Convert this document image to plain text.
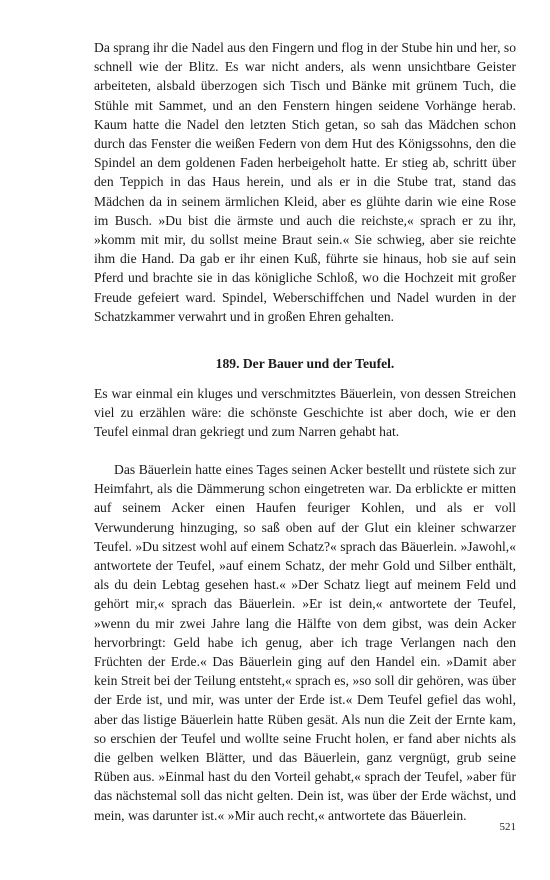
Da sprang ihr die Nadel aus den Fingern und flog in der Stube hin und her, so schnell wie der Blitz. Es war nicht anders, als wenn unsichtbare Geister arbeiteten, alsbald überzogen sich Tisch und Bänke mit grünem Tuch, die Stühle mit Sammet, und an den Fenstern hingen seidene Vorhänge herab. Kaum hatte die Nadel den letzten Stich getan, so sah das Mädchen schon durch das Fenster die weißen Federn von dem Hut des Königssohns, den die Spindel an dem goldenen Faden herbeigeholt hatte. Er stieg ab, schritt über den Teppich in das Haus herein, und als er in die Stube trat, stand das Mädchen da in seinem ärmlichen Kleid, aber es glühte darin wie eine Rose im Busch. »Du bist die ärmste und auch die reichste,« sprach er zu ihr, »komm mit mir, du sollst meine Braut sein.« Sie schwieg, aber sie reichte ihm die Hand. Da gab er ihr einen Kuß, führte sie hinaus, hob sie auf sein Pferd und brachte sie in das königliche Schloß, wo die Hochzeit mit großer Freude gefeiert ward. Spindel, Weberschiffchen und Nadel wurden in der Schatzkammer verwahrt und in großen Ehren gehalten.

189. Der Bauer und der Teufel.

Es war einmal ein kluges und verschmitztes Bäuerlein, von dessen Streichen viel zu erzählen wäre: die schönste Geschichte ist aber doch, wie er den Teufel einmal dran gekriegt und zum Narren gehabt hat.

Das Bäuerlein hatte eines Tages seinen Acker bestellt und rüstete sich zur Heimfahrt, als die Dämmerung schon eingetreten war. Da erblickte er mitten auf seinem Acker einen Haufen feuriger Kohlen, und als er voll Verwunderung hinzuging, so saß oben auf der Glut ein kleiner schwarzer Teufel. »Du sitzest wohl auf einem Schatz?« sprach das Bäuerlein. »Jawohl,« antwortete der Teufel, »auf einem Schatz, der mehr Gold und Silber enthält, als du dein Lebtag gesehen hast.« »Der Schatz liegt auf meinem Feld und gehört mir,« sprach das Bäuerlein. »Er ist dein,« antwortete der Teufel, »wenn du mir zwei Jahre lang die Hälfte von dem gibst, was dein Acker hervorbringt: Geld habe ich genug, aber ich trage Verlangen nach den Früchten der Erde.« Das Bäuerlein ging auf den Handel ein. »Damit aber kein Streit bei der Teilung entsteht,« sprach es, »so soll dir gehören, was über der Erde ist, und mir, was unter der Erde ist.« Dem Teufel gefiel das wohl, aber das listige Bäuerlein hatte Rüben gesät. Als nun die Zeit der Ernte kam, so erschien der Teufel und wollte seine Frucht holen, er fand aber nichts als die gelben welken Blätter, und das Bäuerlein, ganz vergnügt, grub seine Rüben aus. »Einmal hast du den Vorteil gehabt,« sprach der Teufel, »aber für das nächstemal soll das nicht gelten. Dein ist, was über der Erde wächst, und mein, was darunter ist.« »Mir auch recht,« antwortete das Bäuerlein.

521
